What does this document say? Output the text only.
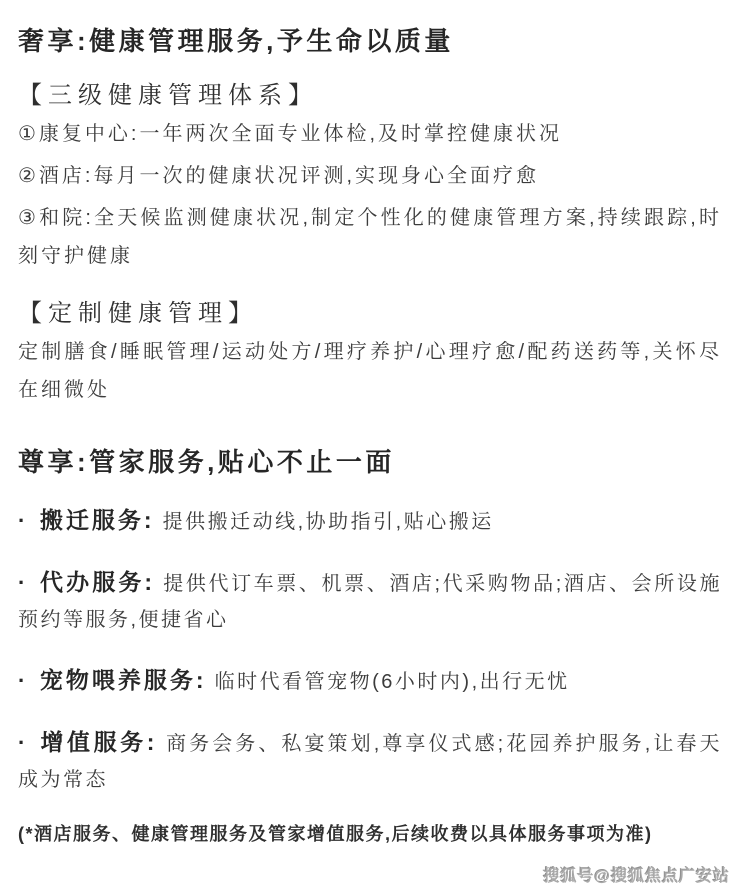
奢享:健康管理服务,予生命以质量
【三级健康管理体系】

①康复中心:一年两次全面专业体检,及时掌控健康状况

②酒店:每月一次的健康状况评测,实现身心全面疗愈

③和院:全天候监测健康状况,制定个性化的健康管理方案,持续跟踪,时刻守护健康

【定制健康管理】

定制膳食/睡眠管理/运动处方/理疗养护/心理疗愈/配药送药等,关怀尽在细微处

尊享:管家服务,贴心不止一面

· 搬迁服务: 提供搬迁动线,协助指引,贴心搬运

· 代办服务: 提供代订车票、机票、酒店;代采购物品;酒店、会所设施预约等服务,便捷省心

· 宠物喂养服务: 临时代看管宠物(6小时内),出行无忧

· 增值服务: 商务会务、私宴策划,尊享仪式感;花园养护服务,让春天成为常态

(*酒店服务、健康管理服务及管家增值服务,后续收费以具体服务事项为准)

搜狐号@搜狐焦点广安站
